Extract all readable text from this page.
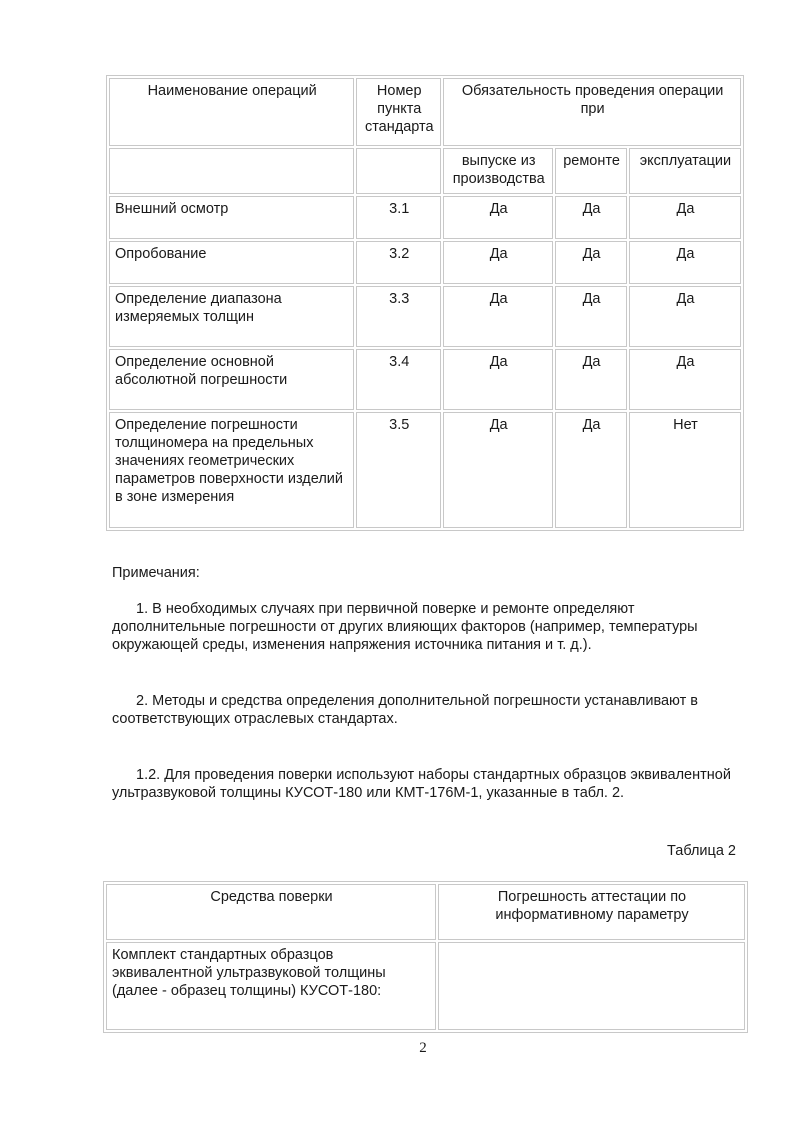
Наименование операций	Номер пункта стандарта	Обязательность проведения операции при		
		выпуске из производства	ремонте	эксплуатации
Внешний осмотр	3.1	Да	Да	Да
Опробование	3.2	Да	Да	Да
Определение диапазона измеряемых толщин	3.3	Да	Да	Да
Определение основной абсолютной погрешности	3.4	Да	Да	Да
Определение погрешности толщиномера на предельных значениях геометрических параметров поверхности изделий в зоне измерения	3.5	Да	Да	Нет

Примечания:

1. В необходимых случаях при первичной поверке и ремонте определяют дополнительные погрешности от других влияющих факторов (например, температуры окружающей среды, изменения напряжения источника питания и т. д.).

2. Методы и средства определения дополнительной погрешности устанавливают в соответствующих отраслевых стандартах.

1.2. Для проведения поверки используют наборы стандартных образцов эквивалентной ультразвуковой толщины КУСОТ-180 или КМТ-176М-1, указанные в табл. 2.

Таблица 2
Средства поверки	Погрешность аттестации по информативному параметру
Комплект стандартных образцов эквивалентной ультразвуковой толщины (далее - образец толщины) КУСОТ-180:	
2
